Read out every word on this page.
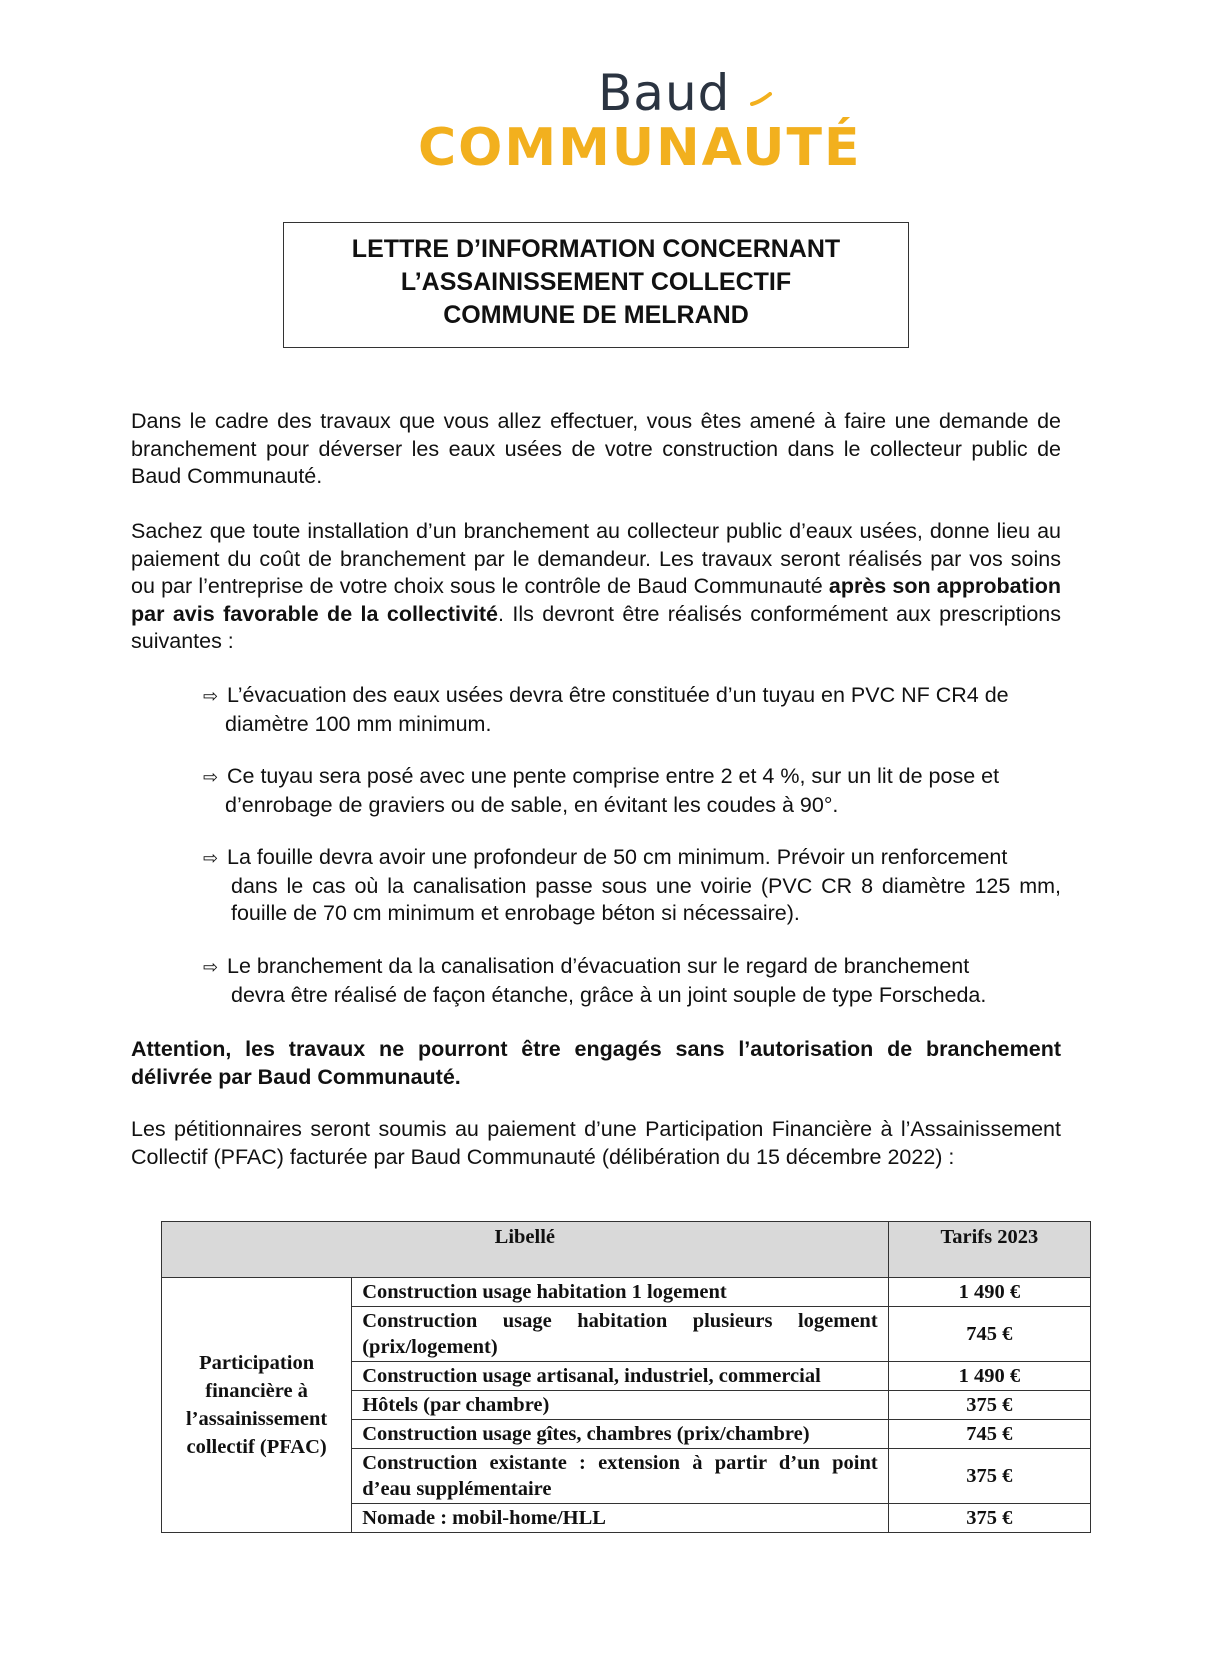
Baud
COMMUNAUTÉ
LETTRE D’INFORMATION CONCERNANT
L’ASSAINISSEMENT COLLECTIF
COMMUNE DE MELRAND
Dans le cadre des travaux que vous allez effectuer, vous êtes amené à faire une demande de branchement pour déverser les eaux usées de votre construction dans le collecteur public de Baud Communauté.
Sachez que toute installation d’un branchement au collecteur public d’eaux usées, donne lieu au paiement du coût de branchement par le demandeur. Les travaux seront réalisés par vos soins ou par l’entreprise de votre choix sous le contrôle de Baud Communauté après son approbation par avis favorable de la collectivité. Ils devront être réalisés conformément aux prescriptions suivantes :
⇨ L’évacuation des eaux usées devra être constituée d’un tuyau en PVC NF CR4 de
diamètre 100 mm minimum.
⇨ Ce tuyau sera posé avec une pente comprise entre 2 et 4 %, sur un lit de pose et
d’enrobage de graviers ou de sable, en évitant les coudes à 90°.
⇨ La fouille devra avoir une profondeur de 50 cm minimum. Prévoir un renforcement
dans le cas où la canalisation passe sous une voirie (PVC CR 8 diamètre 125 mm, fouille de 70 cm minimum et enrobage béton si nécessaire).
⇨ Le branchement da la canalisation d’évacuation sur le regard de branchement
devra être réalisé de façon étanche, grâce à un joint souple de type Forscheda.
Attention, les travaux ne pourront être engagés sans l’autorisation de branchement délivrée par Baud Communauté.
Les pétitionnaires seront soumis au paiement d’une Participation Financière à l’Assainissement Collectif (PFAC) facturée par Baud Communauté (délibération du 15 décembre 2022) :
Libellé		Tarifs 2023
Participation financière à l’assainissement collectif (PFAC)	Construction usage habitation 1 logement	1 490 €
	Construction usage habitation plusieurs logement (prix/logement)	745 €
	Construction usage artisanal, industriel, commercial	1 490 €
	Hôtels (par chambre)	375 €
	Construction usage gîtes, chambres (prix/chambre)	745 €
	Construction existante : extension à partir d’un point d’eau supplémentaire	375 €
	Nomade : mobil-home/HLL	375 €
